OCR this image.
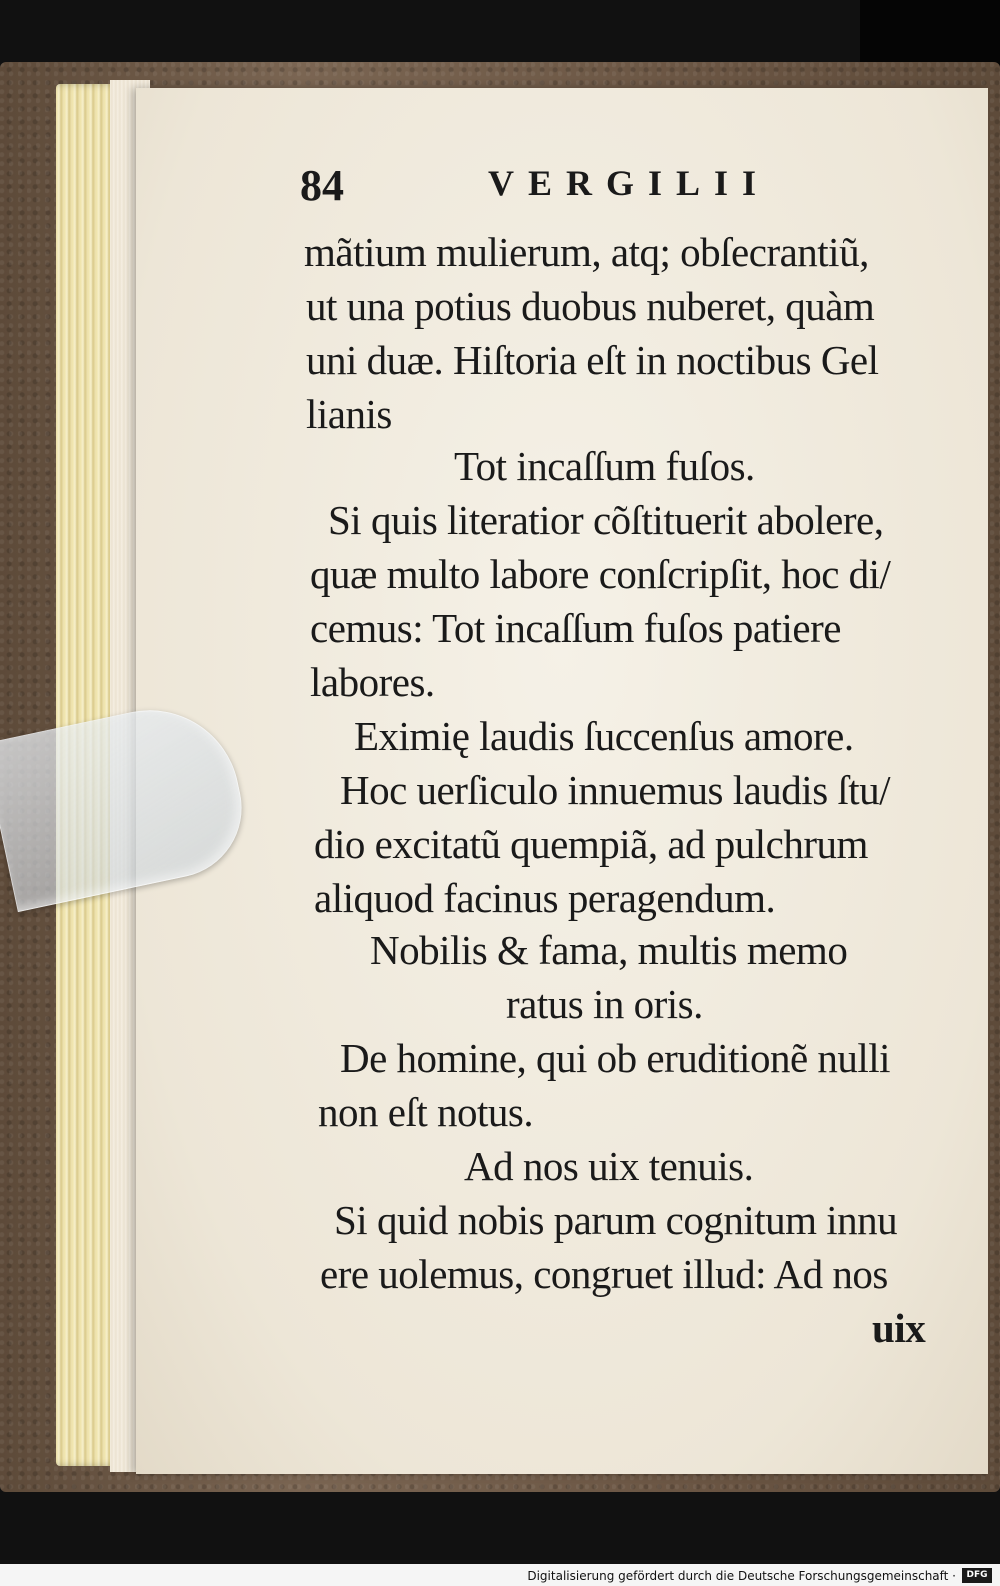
84	VERGILII
mãtium mulierum, atq; obſecrantiũ,
ut una potius duobus nuberet, quàm
uni duæ. Hiſtoria eſt in noctibus Gel
lianis
Tot incaſſum fuſos.
Si quis literatior cõſtituerit abolere,
quæ multo labore conſcripſit, hoc di/
cemus: Tot incaſſum fuſos patiere
labores.
Eximię laudis ſuccenſus amore.
Hoc uerſiculo innuemus laudis ſtu/
dio excitatũ quempiã, ad pulchrum
aliquod facinus peragendum.
Nobilis & fama, multis memo
ratus in oris.
De homine, qui ob eruditionẽ nulli
non eſt notus.
Ad nos uix tenuis.
Si quid nobis parum cognitum innu
ere uolemus, congruet illud: Ad nos
uix
Digitalisierung gefördert durch die Deutsche Forschungsgemeinschaft ·	DFG
